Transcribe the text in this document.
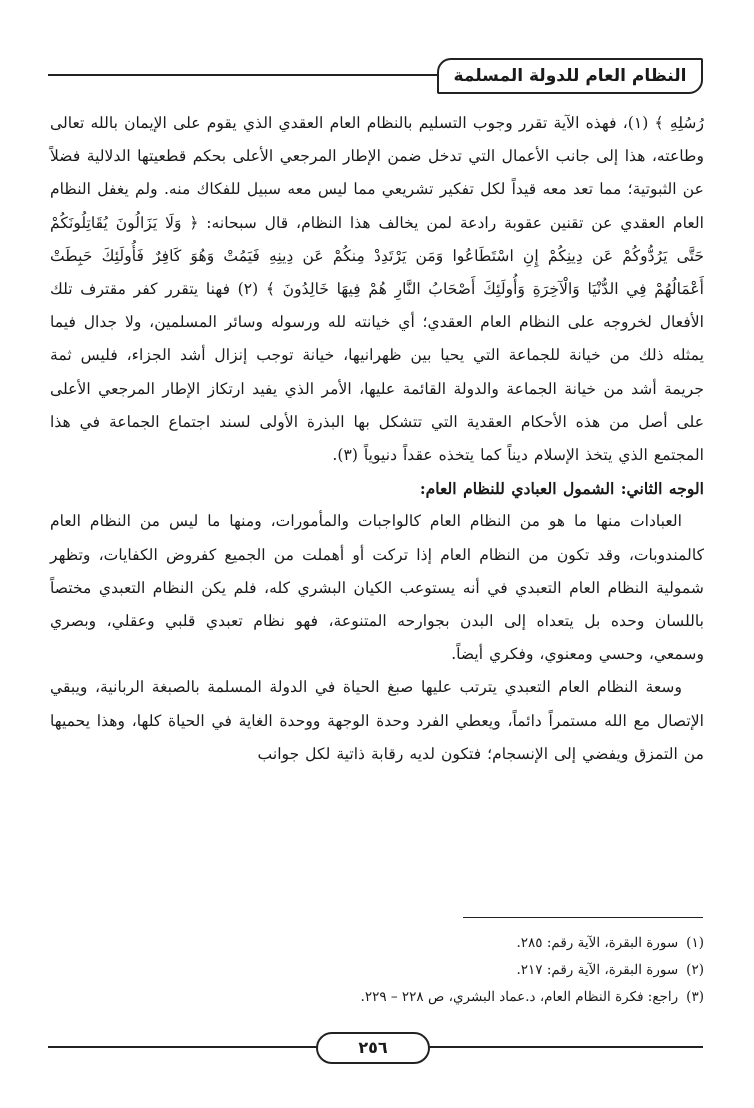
النظام العام للدولة المسلمة

رُسُلِهِ ﴾ (١)، فهذه الآية تقرر وجوب التسليم بالنظام العام العقدي الذي يقوم على الإيمان بالله تعالى وطاعته، هذا إلى جانب الأعمال التي تدخل ضمن الإطار المرجعي الأعلى بحكم قطعيتها الدلالية فضلاً عن الثبوتية؛ مما تعد معه قيداً لكل تفكير تشريعي مما ليس معه سبيل للفكاك منه. ولم يغفل النظام العام العقدي عن تقنين عقوبة رادعة لمن يخالف هذا النظام، قال سبحانه: ﴿ وَلَا يَزَالُونَ يُقَاتِلُونَكُمْ حَتَّى يَرُدُّوكُمْ عَن دِينِكُمْ إِنِ اسْتَطَاعُوا وَمَن يَرْتَدِدْ مِنكُمْ عَن دِينِهِ فَيَمُتْ وَهُوَ كَافِرٌ فَأُولَئِكَ حَبِطَتْ أَعْمَالُهُمْ فِي الدُّنْيَا وَالْآخِرَةِ وَأُولَئِكَ أَصْحَابُ النَّارِ هُمْ فِيهَا خَالِدُونَ ﴾ (٢) فهنا يتقرر كفر مقترف تلك الأفعال لخروجه على النظام العام العقدي؛ أي خيانته لله ورسوله وسائر المسلمين، ولا جدال فيما يمثله ذلك من خيانة للجماعة التي يحيا بين ظهرانيها، خيانة توجب إنزال أشد الجزاء، فليس ثمة جريمة أشد من خيانة الجماعة والدولة القائمة عليها، الأمر الذي يفيد ارتكاز الإطار المرجعي الأعلى على أصل من هذه الأحكام العقدية التي تتشكل بها البذرة الأولى لسند اجتماع الجماعة في هذا المجتمع الذي يتخذ الإسلام ديناً كما يتخذه عقداً دنيوياً (٣).

الوجه الثاني: الشمول العبادي للنظام العام:

العبادات منها ما هو من النظام العام كالواجبات والمأمورات، ومنها ما ليس من النظام العام كالمندوبات، وقد تكون من النظام العام إذا تركت أو أهملت من الجميع كفروض الكفايات، وتظهر شمولية النظام العام التعبدي في أنه يستوعب الكيان البشري كله، فلم يكن النظام التعبدي مختصاً باللسان وحده بل يتعداه إلى البدن بجوارحه المتنوعة، فهو نظام تعبدي قلبي وعقلي، وبصري وسمعي، وحسي ومعنوي، وفكري أيضاً.

وسعة النظام العام التعبدي يترتب عليها صبغ الحياة في الدولة المسلمة بالصبغة الربانية، ويبقي الإتصال مع الله مستمراً دائماً، ويعطي الفرد وحدة الوجهة ووحدة الغاية في الحياة كلها، وهذا يحميها من التمزق ويفضي إلى الإنسجام؛ فتكون لديه رقابة ذاتية لكل جوانب

(١)
سورة البقرة، الآية رقم: ٢٨٥.
(٢)
سورة البقرة، الآية رقم: ٢١٧.
(٣)
راجع: فكرة النظام العام، د.عماد البشري، ص ٢٢٨ – ٢٢٩.
٢٥٦
